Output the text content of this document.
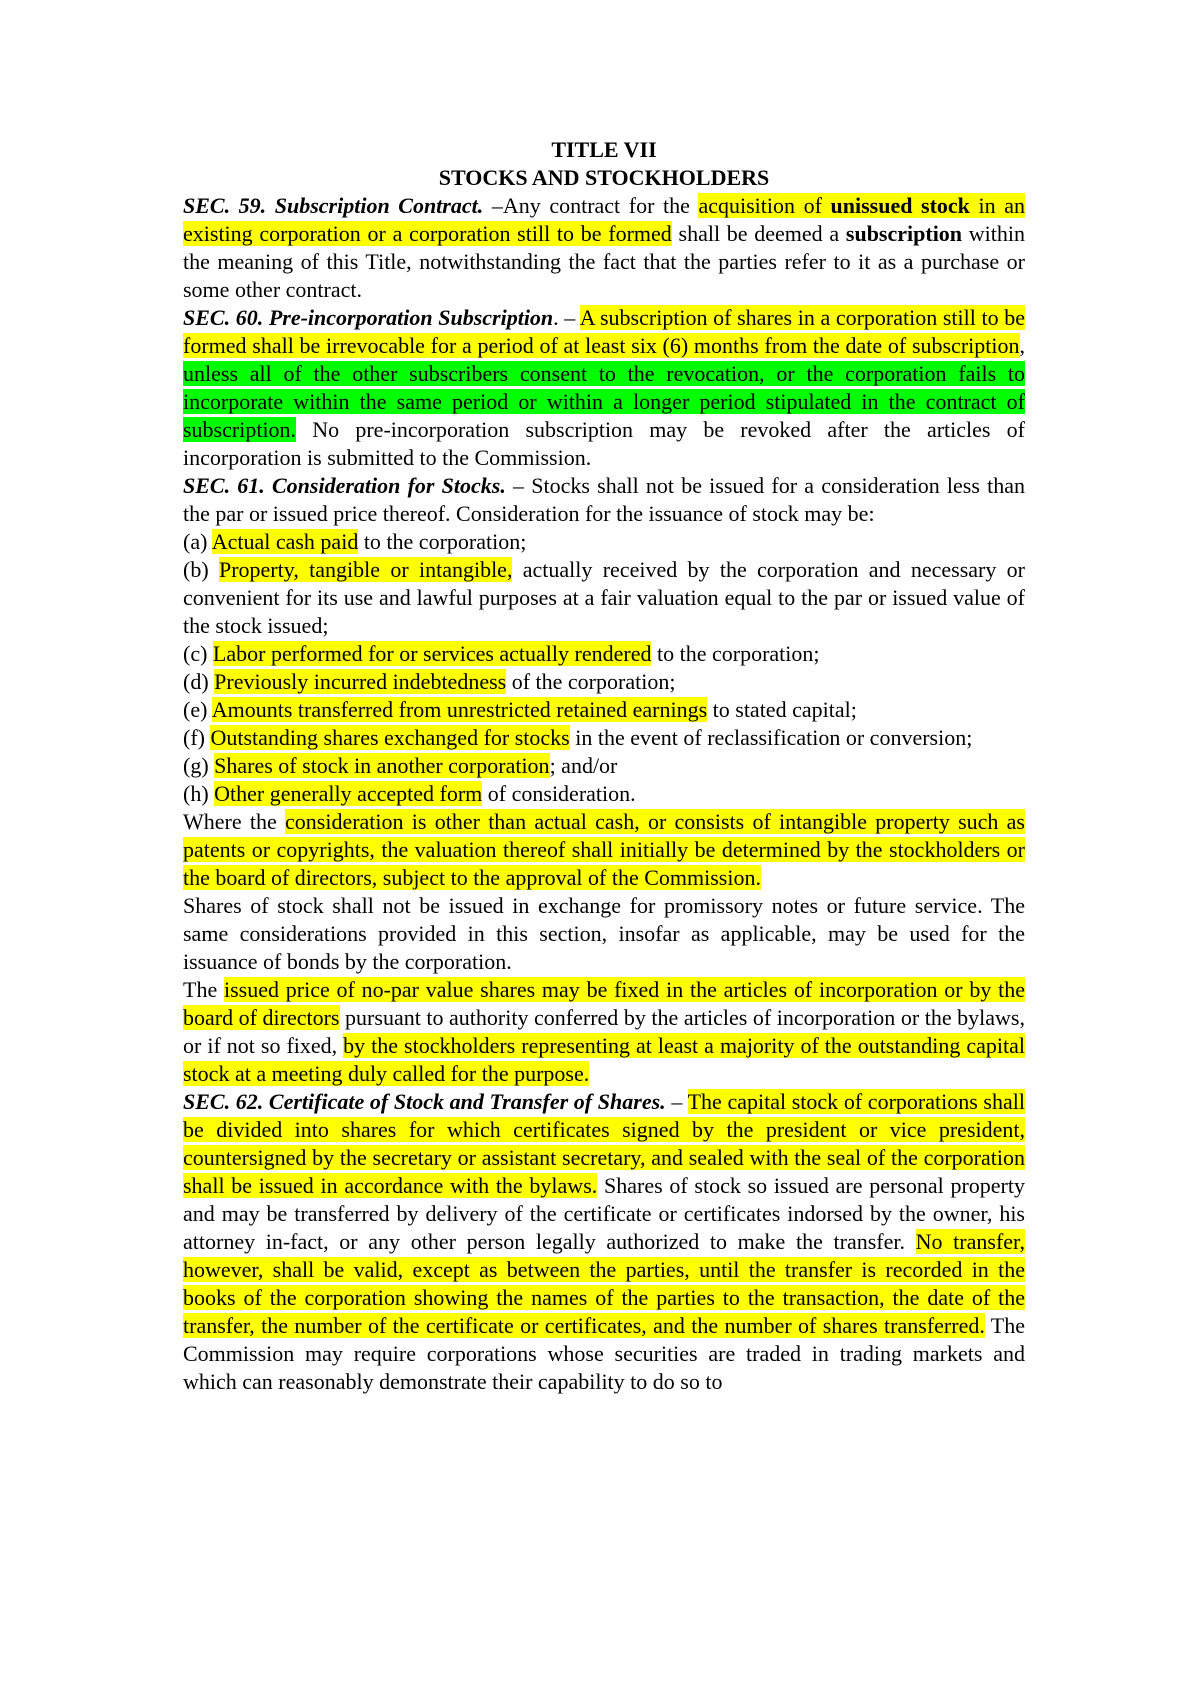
TITLE VII

STOCKS AND STOCKHOLDERS

SEC. 59. Subscription Contract. –Any contract for the acquisition of unissued stock in an existing corporation or a corporation still to be formed shall be deemed a subscription within the meaning of this Title, notwithstanding the fact that the parties refer to it as a purchase or some other contract.

SEC. 60. Pre-incorporation Subscription. – A subscription of shares in a corporation still to be formed shall be irrevocable for a period of at least six (6) months from the date of subscription, unless all of the other subscribers consent to the revocation, or the corporation fails to incorporate within the same period or within a longer period stipulated in the contract of subscription. No pre-incorporation subscription may be revoked after the articles of incorporation is submitted to the Commission.

SEC. 61. Consideration for Stocks. – Stocks shall not be issued for a consideration less than the par or issued price thereof. Consideration for the issuance of stock may be:

(a) Actual cash paid to the corporation;

(b) Property, tangible or intangible, actually received by the corporation and necessary or convenient for its use and lawful purposes at a fair valuation equal to the par or issued value of the stock issued;

(c) Labor performed for or services actually rendered to the corporation;

(d) Previously incurred indebtedness of the corporation;

(e) Amounts transferred from unrestricted retained earnings to stated capital;

(f) Outstanding shares exchanged for stocks in the event of reclassification or conversion;

(g) Shares of stock in another corporation; and/or

(h) Other generally accepted form of consideration.

Where the consideration is other than actual cash, or consists of intangible property such as patents or copyrights, the valuation thereof shall initially be determined by the stockholders or the board of directors, subject to the approval of the Commission.

Shares of stock shall not be issued in exchange for promissory notes or future service. The same considerations provided in this section, insofar as applicable, may be used for the issuance of bonds by the corporation.

The issued price of no-par value shares may be fixed in the articles of incorporation or by the board of directors pursuant to authority conferred by the articles of incorporation or the bylaws, or if not so fixed, by the stockholders representing at least a majority of the outstanding capital stock at a meeting duly called for the purpose.

SEC. 62. Certificate of Stock and Transfer of Shares. – The capital stock of corporations shall be divided into shares for which certificates signed by the president or vice president, countersigned by the secretary or assistant secretary, and sealed with the seal of the corporation shall be issued in accordance with the bylaws. Shares of stock so issued are personal property and may be transferred by delivery of the certificate or certificates indorsed by the owner, his attorney in-fact, or any other person legally authorized to make the transfer. No transfer, however, shall be valid, except as between the parties, until the transfer is recorded in the books of the corporation showing the names of the parties to the transaction, the date of the transfer, the number of the certificate or certificates, and the number of shares transferred. The Commission may require corporations whose securities are traded in trading markets and which can reasonably demonstrate their capability to do so to
